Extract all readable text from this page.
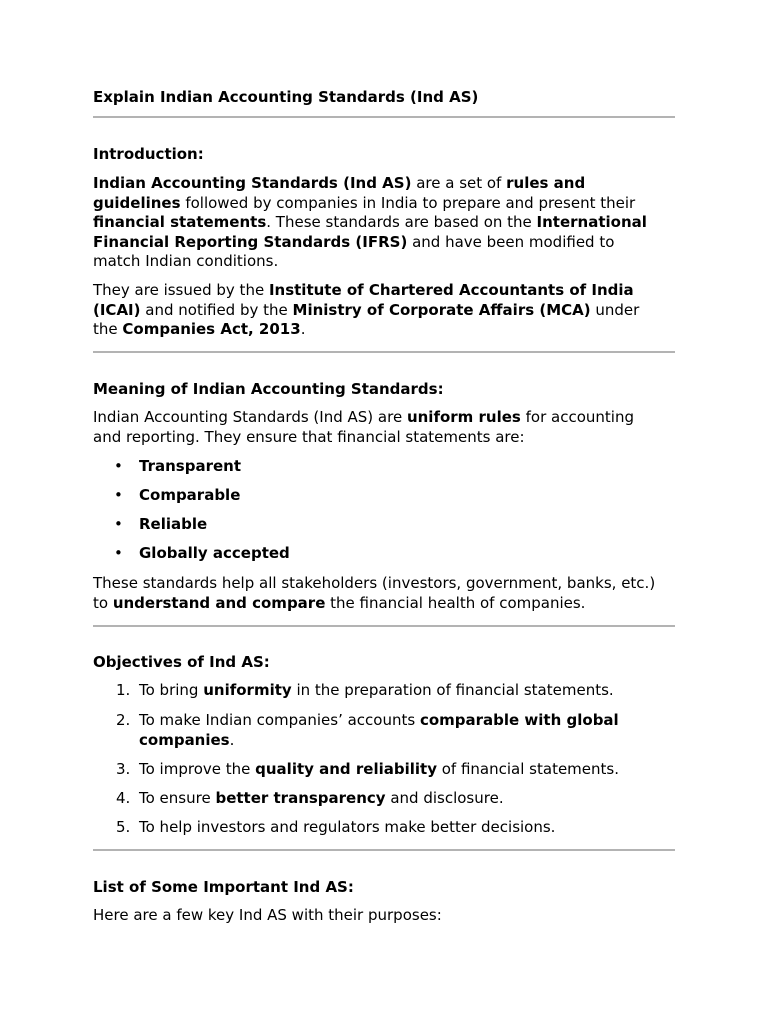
Explain Indian Accounting Standards (Ind AS)
Introduction:
Indian Accounting Standards (Ind AS) are a set of rules and
guidelines followed by companies in India to prepare and present their
financial statements. These standards are based on the International
Financial Reporting Standards (IFRS) and have been modified to
match Indian conditions.
They are issued by the Institute of Chartered Accountants of India
(ICAI) and notified by the Ministry of Corporate Affairs (MCA) under
the Companies Act, 2013.
Meaning of Indian Accounting Standards:
Indian Accounting Standards (Ind AS) are uniform rules for accounting
and reporting. They ensure that financial statements are:
• Transparent
• Comparable
• Reliable
• Globally accepted
These standards help all stakeholders (investors, government, banks, etc.)
to understand and compare the financial health of companies.
Objectives of Ind AS:
1. To bring uniformity in the preparation of financial statements.
2. To make Indian companies’ accounts comparable with global
companies.
3. To improve the quality and reliability of financial statements.
4. To ensure better transparency and disclosure.
5. To help investors and regulators make better decisions.
List of Some Important Ind AS:
Here are a few key Ind AS with their purposes:
